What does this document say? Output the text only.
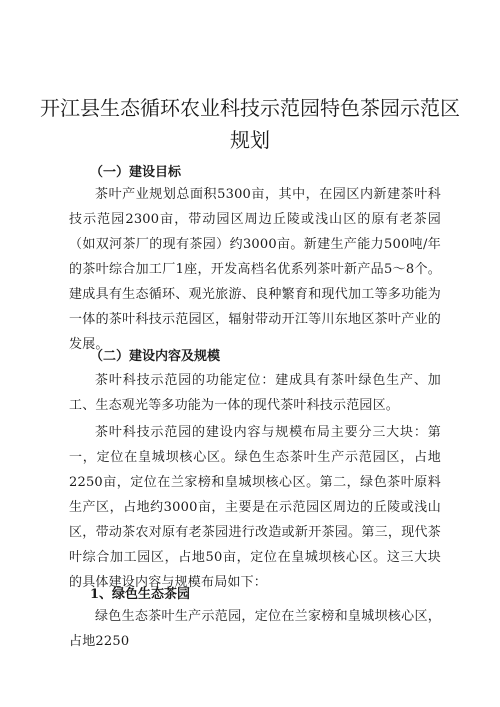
开江县生态循环农业科技示范园特色茶园示范区规划
（一）建设目标

茶叶产业规划总面积5300亩，其中，在园区内新建茶叶科技示范园2300亩，带动园区周边丘陵或浅山区的原有老茶园（如双河茶厂的现有茶园）约3000亩。新建生产能力500吨/年的茶叶综合加工厂1座，开发高档名优系列茶叶新产品5～8个。建成具有生态循环、观光旅游、良种繁育和现代加工等多功能为一体的茶叶科技示范园区，辐射带动开江等川东地区茶叶产业的发展。

（二）建设内容及规模

茶叶科技示范园的功能定位：建成具有茶叶绿色生产、加工、生态观光等多功能为一体的现代茶叶科技示范园区。

茶叶科技示范园的建设内容与规模布局主要分三大块：第一，定位在皇城坝核心区。绿色生态茶叶生产示范园区，占地2250亩，定位在兰家榜和皇城坝核心区。第二，绿色茶叶原料生产区，占地约3000亩，主要是在示范园区周边的丘陵或浅山区，带动茶农对原有老茶园进行改造或新开茶园。第三，现代茶叶综合加工园区，占地50亩，定位在皇城坝核心区。这三大块的具体建设内容与规模布局如下：

1、绿色生态茶园

绿色生态茶叶生产示范园，定位在兰家榜和皇城坝核心区，占地2250
